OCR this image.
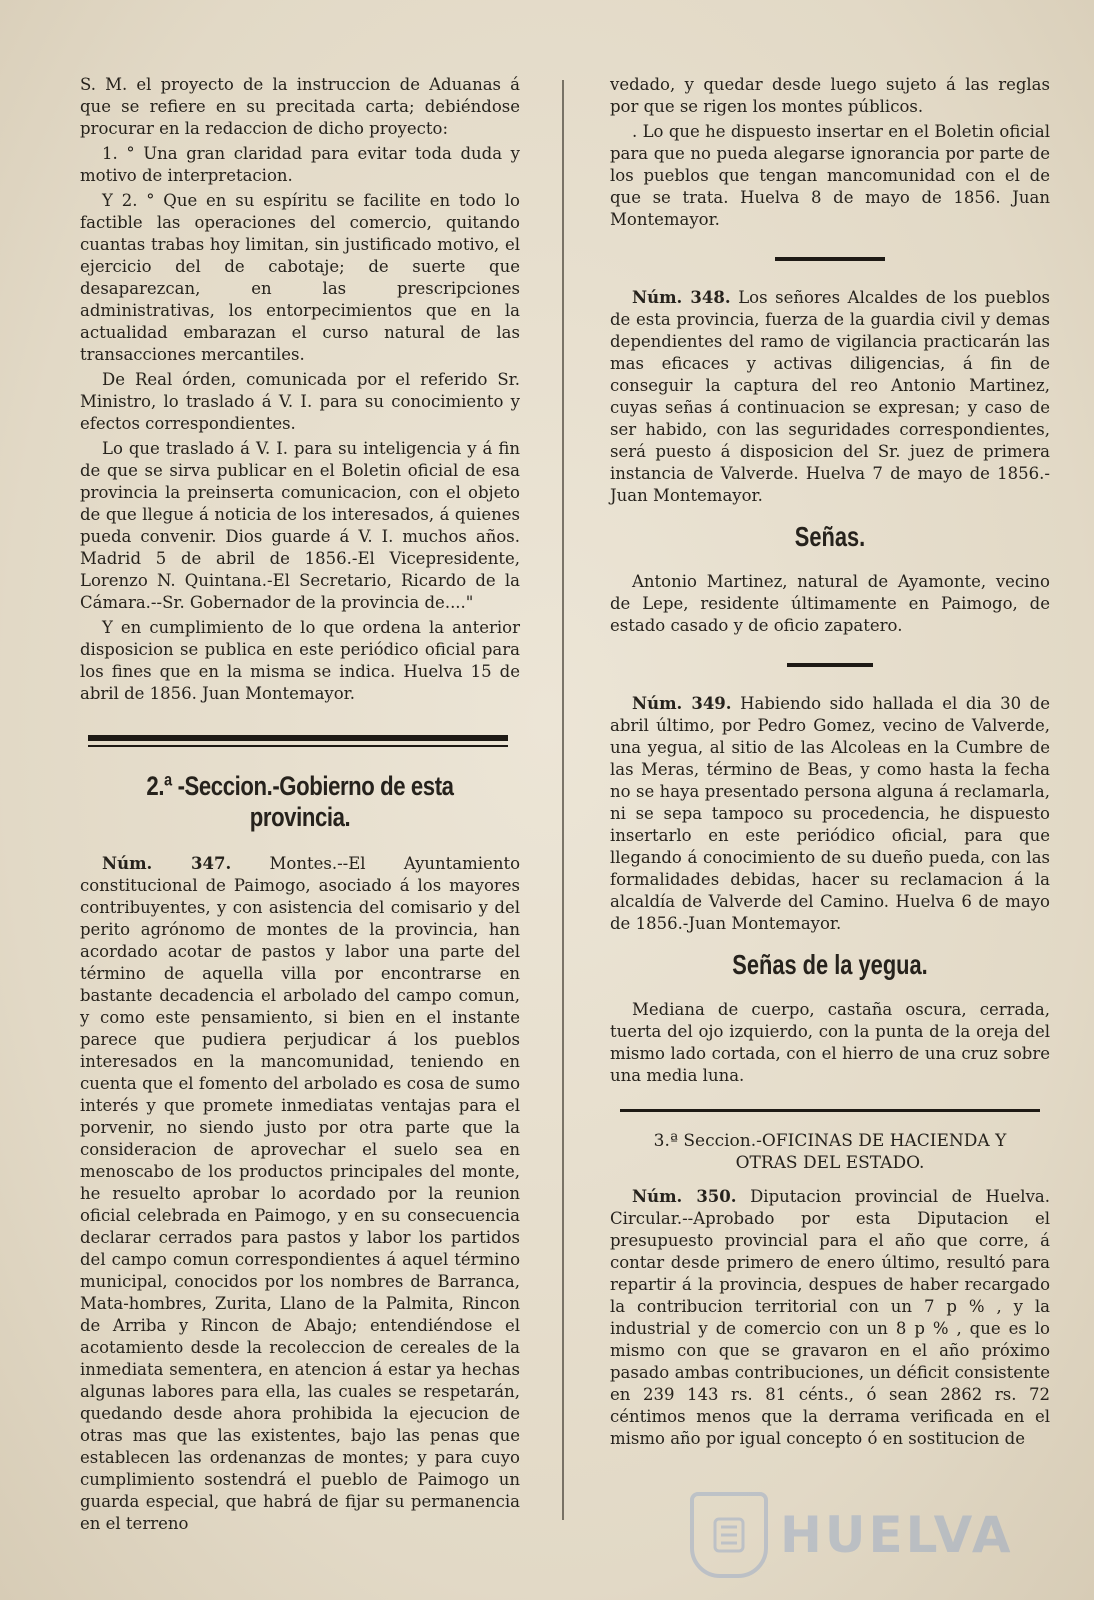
S. M. el proyecto de la instruccion de Aduanas á que se refiere en su precitada carta; debiéndose procurar en la redaccion de dicho proyecto:

1. ° Una gran claridad para evitar toda duda y motivo de interpretacion.

Y 2. ° Que en su espíritu se facilite en todo lo factible las operaciones del comercio, quitando cuantas trabas hoy limitan, sin justificado motivo, el ejercicio del de cabotaje; de suerte que desaparezcan, en las prescripciones administrativas, los entorpecimientos que en la actualidad embarazan el curso natural de las transacciones mercantiles.

De Real órden, comunicada por el referido Sr. Ministro, lo traslado á V. I. para su conocimiento y efectos correspondientes.

Lo que traslado á V. I. para su inteligencia y á fin de que se sirva publicar en el Boletin oficial de esa provincia la preinserta comunicacion, con el objeto de que llegue á noticia de los interesados, á quienes pueda convenir. Dios guarde á V. I. muchos años. Madrid 5 de abril de 1856.-El Vicepresidente, Lorenzo N. Quintana.-El Secretario, Ricardo de la Cámara.--Sr. Gobernador de la provincia de...."

Y en cumplimiento de lo que ordena la anterior disposicion se publica en este periódico oficial para los fines que en la misma se indica. Huelva 15 de abril de 1856. Juan Montemayor.

2.ª -Seccion.-Gobierno de esta provincia.

Núm. 347. Montes.--El Ayuntamiento constitucional de Paimogo, asociado á los mayores contribuyentes, y con asistencia del comisario y del perito agrónomo de montes de la provincia, han acordado acotar de pastos y labor una parte del término de aquella villa por encontrarse en bastante decadencia el arbolado del campo comun, y como este pensamiento, si bien en el instante parece que pudiera perjudicar á los pueblos interesados en la mancomunidad, teniendo en cuenta que el fomento del arbolado es cosa de sumo interés y que promete inmediatas ventajas para el porvenir, no siendo justo por otra parte que la consideracion de aprovechar el suelo sea en menoscabo de los productos principales del monte, he resuelto aprobar lo acordado por la reunion oficial celebrada en Paimogo, y en su consecuencia declarar cerrados para pastos y labor los partidos del campo comun correspondientes á aquel término municipal, conocidos por los nombres de Barranca, Mata-hombres, Zurita, Llano de la Palmita, Rincon de Arriba y Rincon de Abajo; entendiéndose el acotamiento desde la recoleccion de cereales de la inmediata sementera, en atencion á estar ya hechas algunas labores para ella, las cuales se respetarán, quedando desde ahora prohibida la ejecucion de otras mas que las existentes, bajo las penas que establecen las ordenanzas de montes; y para cuyo cumplimiento sostendrá el pueblo de Paimogo un guarda especial, que habrá de fijar su permanencia en el terreno

vedado, y quedar desde luego sujeto á las reglas por que se rigen los montes públicos.

. Lo que he dispuesto insertar en el Boletin oficial para que no pueda alegarse ignorancia por parte de los pueblos que tengan mancomunidad con el de que se trata. Huelva 8 de mayo de 1856. Juan Montemayor.

Núm. 348. Los señores Alcaldes de los pueblos de esta provincia, fuerza de la guardia civil y demas dependientes del ramo de vigilancia practicarán las mas eficaces y activas diligencias, á fin de conseguir la captura del reo Antonio Martinez, cuyas señas á continuacion se expresan; y caso de ser habido, con las seguridades correspondientes, será puesto á disposicion del Sr. juez de primera instancia de Valverde. Huelva 7 de mayo de 1856.-Juan Montemayor.

Señas.

Antonio Martinez, natural de Ayamonte, vecino de Lepe, residente últimamente en Paimogo, de estado casado y de oficio zapatero.

Núm. 349. Habiendo sido hallada el dia 30 de abril último, por Pedro Gomez, vecino de Valverde, una yegua, al sitio de las Alcoleas en la Cumbre de las Meras, término de Beas, y como hasta la fecha no se haya presentado persona alguna á reclamarla, ni se sepa tampoco su procedencia, he dispuesto insertarlo en este periódico oficial, para que llegando á conocimiento de su dueño pueda, con las formalidades debidas, hacer su reclamacion á la alcaldía de Valverde del Camino. Huelva 6 de mayo de 1856.-Juan Montemayor.

Señas de la yegua.

Mediana de cuerpo, castaña oscura, cerrada, tuerta del ojo izquierdo, con la punta de la oreja del mismo lado cortada, con el hierro de una cruz sobre una media luna.

3.ª Seccion.-OFICINAS DE HACIENDA Y
OTRAS DEL ESTADO.

Núm. 350. Diputacion provincial de Huelva. Circular.--Aprobado por esta Diputacion el presupuesto provincial para el año que corre, á contar desde primero de enero último, resultó para repartir á la provincia, despues de haber recargado la contribucion territorial con un 7 p % , y la industrial y de comercio con un 8 p % , que es lo mismo con que se gravaron en el año próximo pasado ambas contribuciones, un déficit consistente en 239 143 rs. 81 cénts., ó sean 2862 rs. 72 céntimos menos que la derrama verificada en el mismo año por igual concepto ó en sostitucion de

HUELVA
